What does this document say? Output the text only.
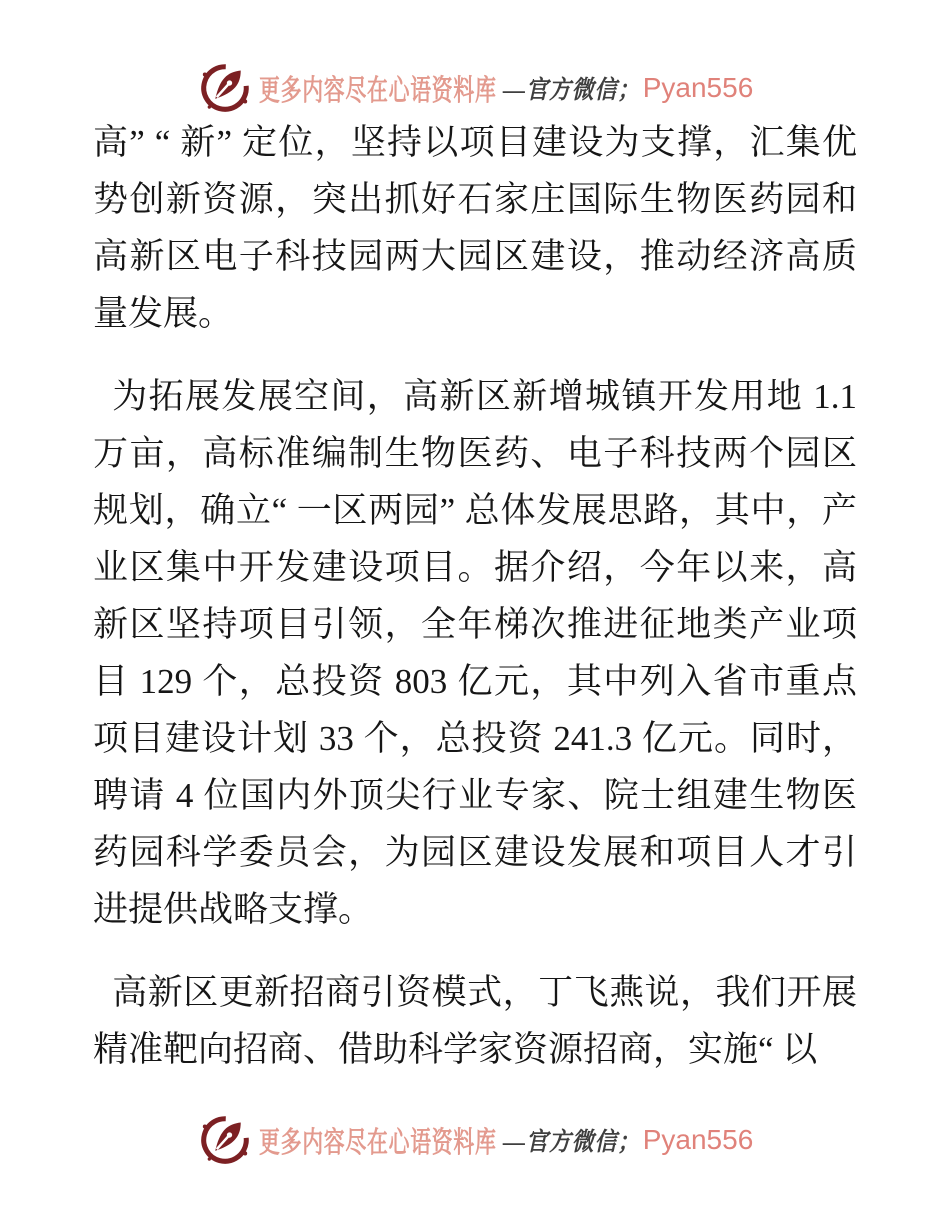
更多内容尽在心语资料库 —官方微信； Pyan556

高” “ 新” 定位，坚持以项目建设为支撑，汇集优势创新资源，突出抓好石家庄国际生物医药园和高新区电子科技园两大园区建设，推动经济高质量发展。

为拓展发展空间，高新区新增城镇开发用地 1.1 万亩，高标准编制生物医药、电子科技两个园区规划，确立“ 一区两园” 总体发展思路，其中，产业区集中开发建设项目。据介绍，今年以来，高新区坚持项目引领，全年梯次推进征地类产业项目 129 个，总投资 803 亿元，其中列入省市重点项目建设计划 33 个，总投资 241.3 亿元。同时，聘请 4 位国内外顶尖行业专家、院士组建生物医药园科学委员会，为园区建设发展和项目人才引进提供战略支撑。

高新区更新招商引资模式，丁飞燕说，我们开展精准靶向招商、借助科学家资源招商，实施“ 以

更多内容尽在心语资料库 —官方微信； Pyan556
